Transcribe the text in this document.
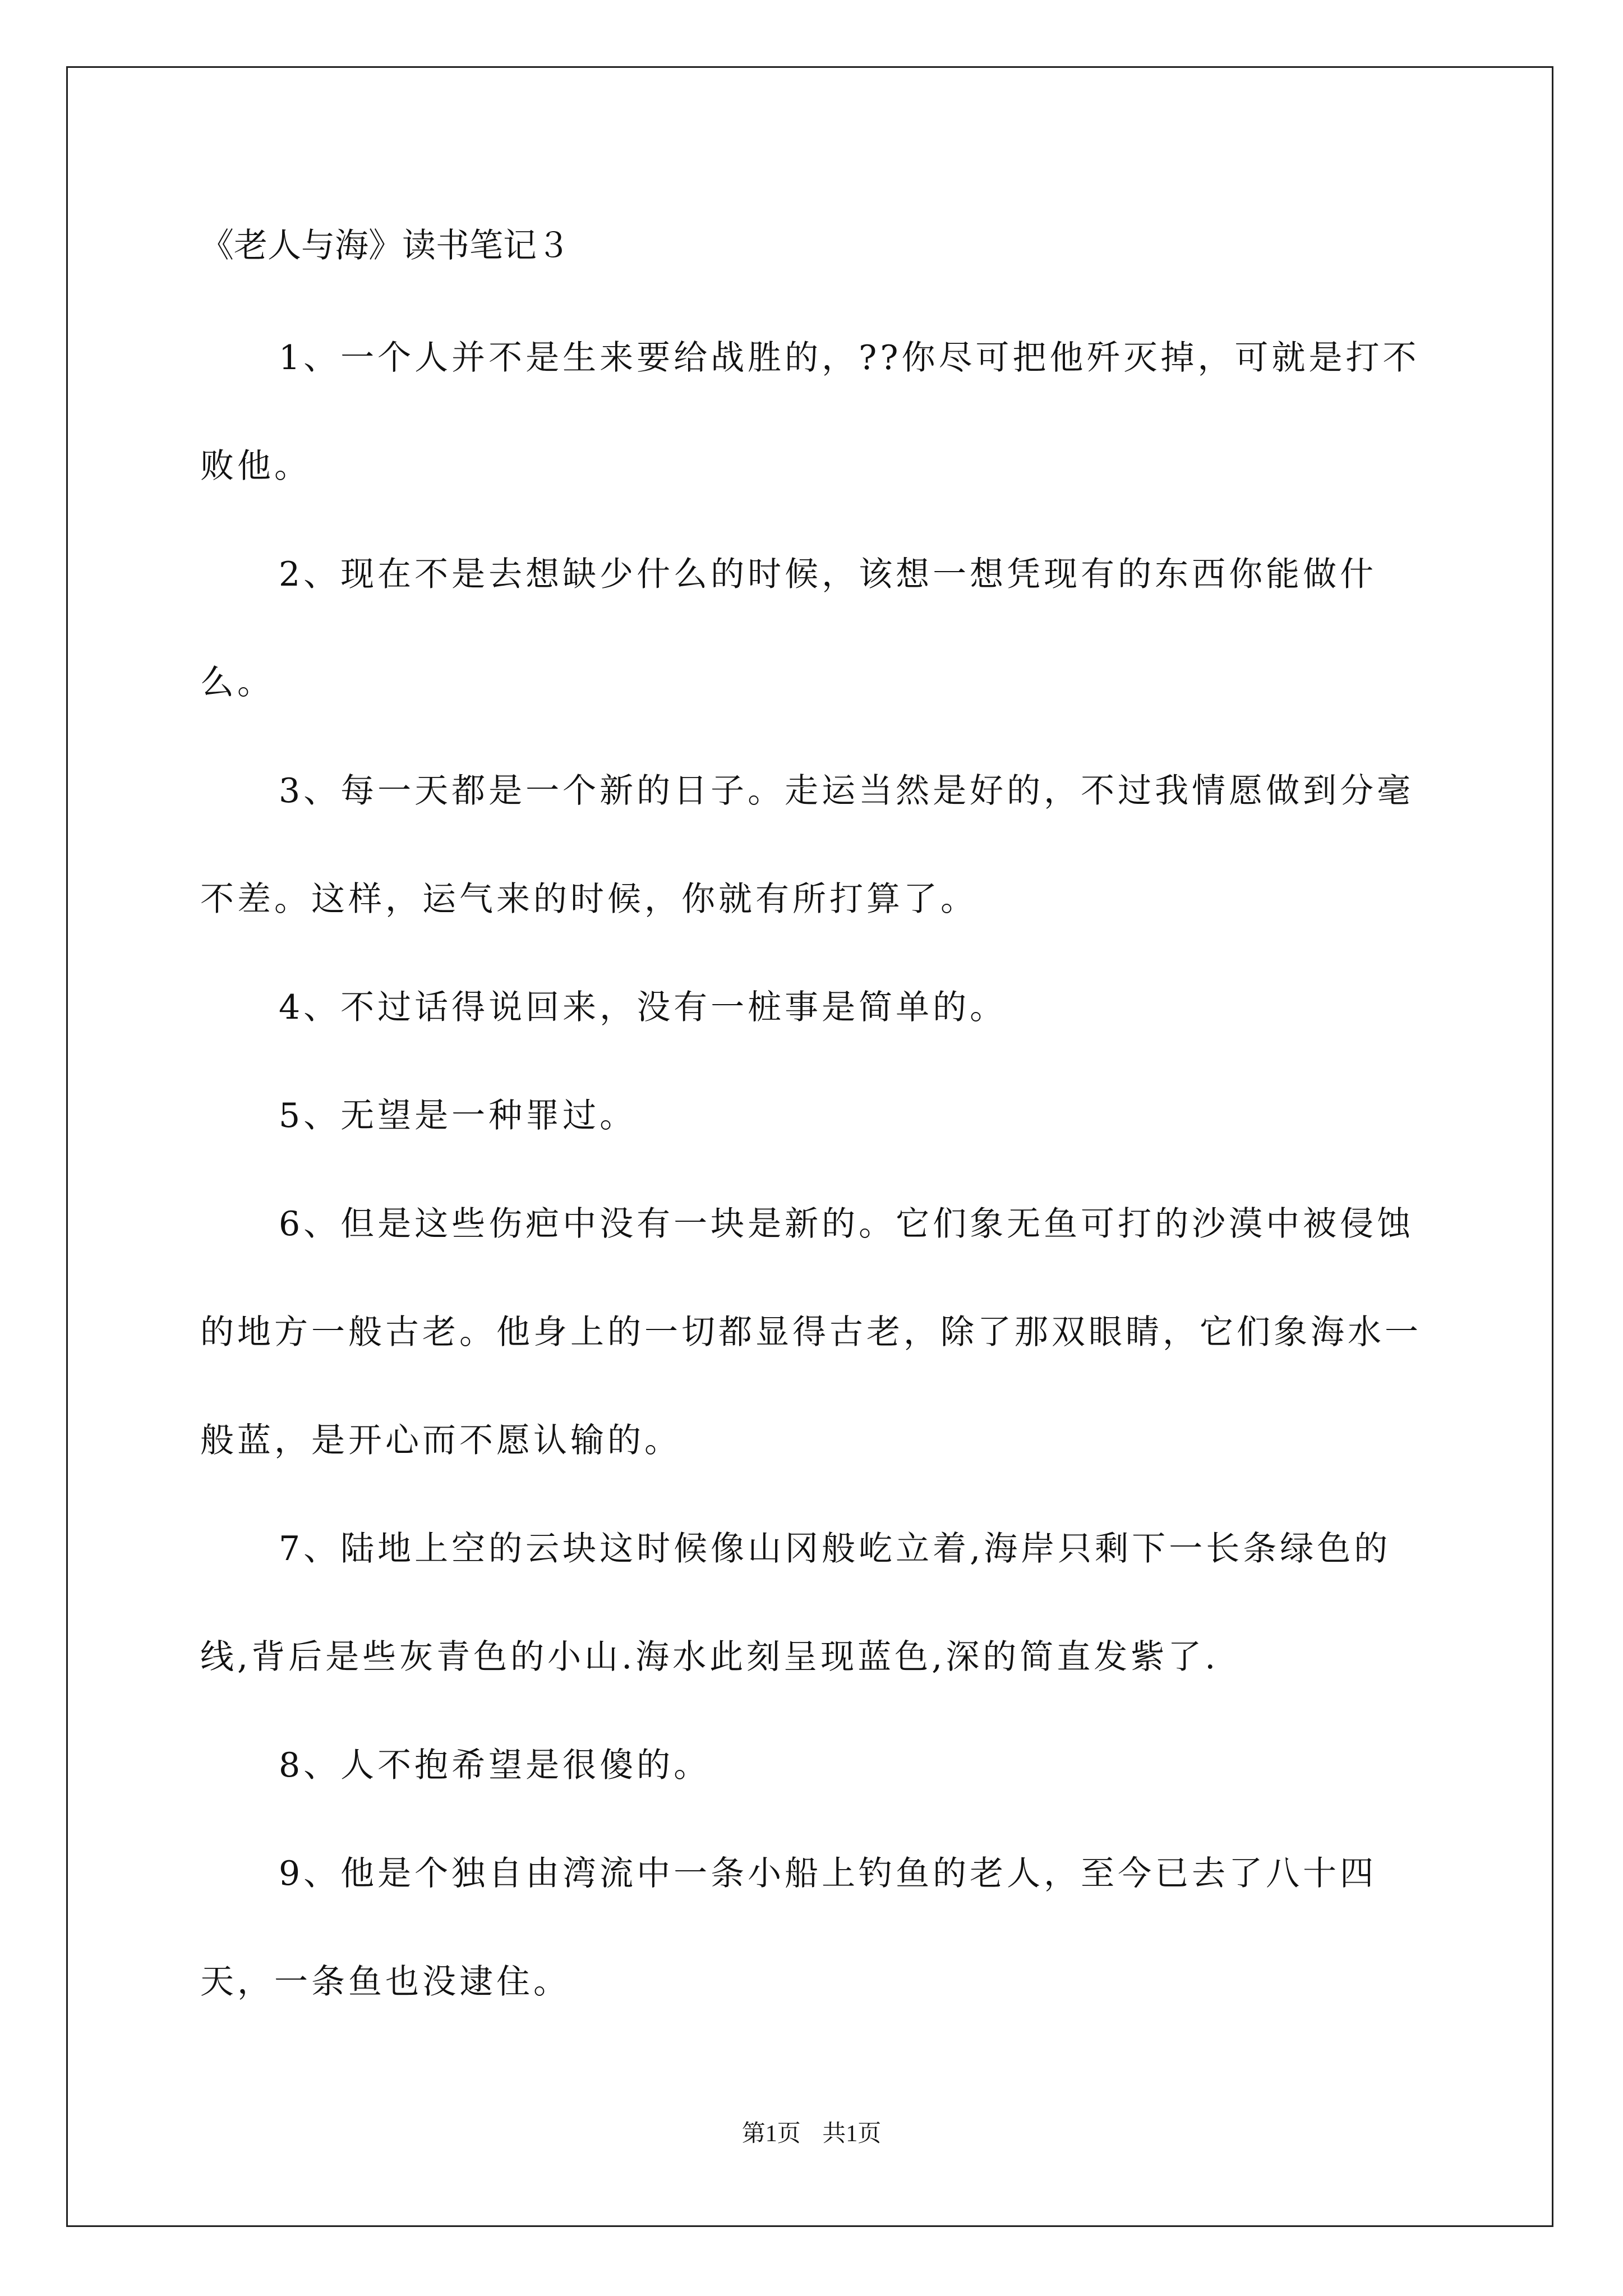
《老人与海》读书笔记３

1、一个人并不是生来要给战胜的，??你尽可把他歼灭掉，可就是打不败他。

2、现在不是去想缺少什么的时候，该想一想凭现有的东西你能做什么。

3、每一天都是一个新的日子。走运当然是好的，不过我情愿做到分毫不差。这样，运气来的时候，你就有所打算了。

4、不过话得说回来，没有一桩事是简单的。

5、无望是一种罪过。

6、但是这些伤疤中没有一块是新的。它们象无鱼可打的沙漠中被侵蚀的地方一般古老。他身上的一切都显得古老，除了那双眼睛，它们象海水一般蓝，是开心而不愿认输的。

7、陆地上空的云块这时候像山冈般屹立着,海岸只剩下一长条绿色的线,背后是些灰青色的小山.海水此刻呈现蓝色,深的简直发紫了.

8、人不抱希望是很傻的。

9、他是个独自由湾流中一条小船上钓鱼的老人，至今已去了八十四天，一条鱼也没逮住。

第1页 共1页
